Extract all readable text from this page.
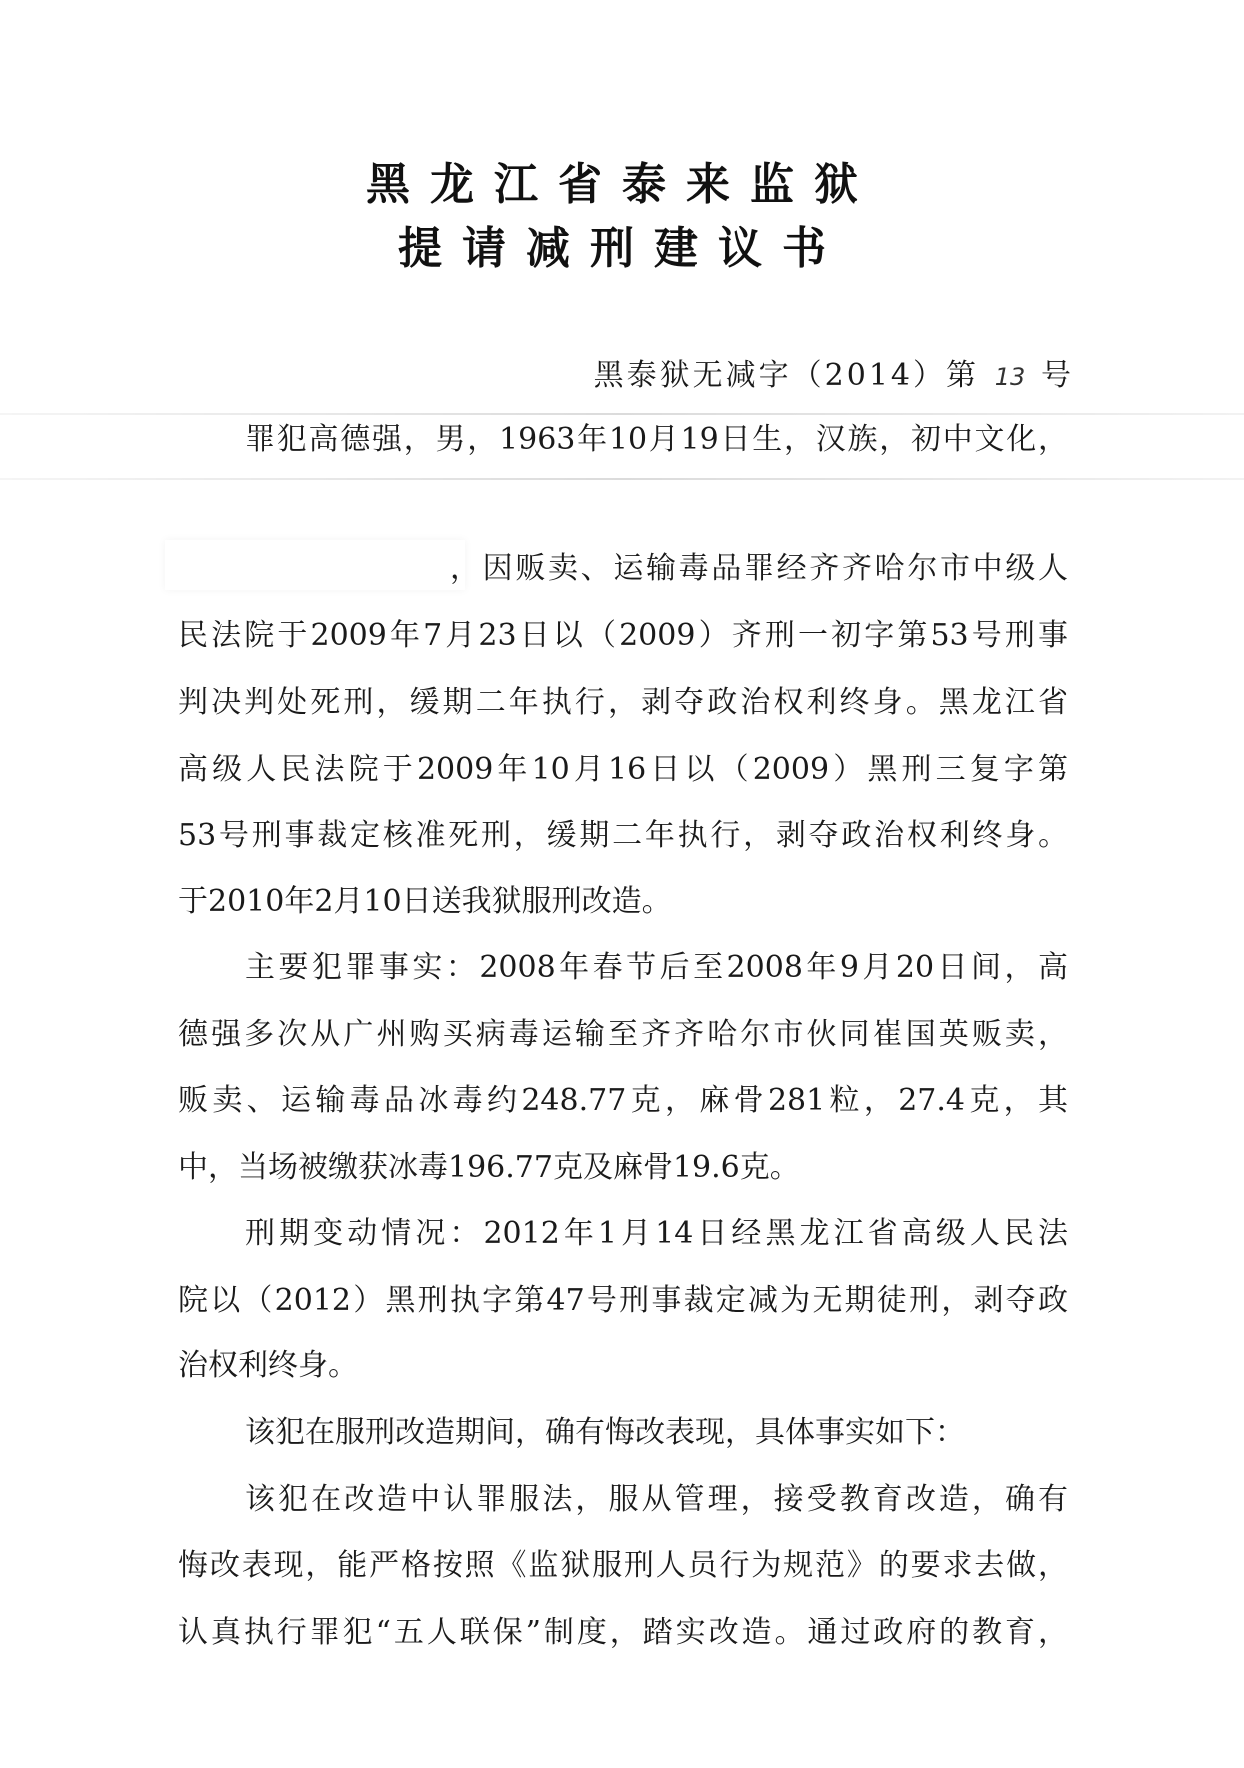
黑龙江省泰来监狱
提请减刑建议书
黑泰狱无减字（2014）第 13 号
罪犯高德强，男，1963年10月19日生，汉族，初中文化，
，因贩卖、运输毒品罪经齐齐哈尔市中级人
民法院于2009年7月23日以（2009）齐刑一初字第53号刑事
判决判处死刑，缓期二年执行，剥夺政治权利终身。黑龙江省
高级人民法院于2009年10月16日以（2009）黑刑三复字第
53号刑事裁定核准死刑，缓期二年执行，剥夺政治权利终身。
于2010年2月10日送我狱服刑改造。
主要犯罪事实：2008年春节后至2008年9月20日间，高
德强多次从广州购买病毒运输至齐齐哈尔市伙同崔国英贩卖，
贩卖、运输毒品冰毒约248.77克，麻骨281粒，27.4克，其
中，当场被缴获冰毒196.77克及麻骨19.6克。
刑期变动情况：2012年1月14日经黑龙江省高级人民法
院以（2012）黑刑执字第47号刑事裁定减为无期徒刑，剥夺政
治权利终身。
该犯在服刑改造期间，确有悔改表现，具体事实如下：
该犯在改造中认罪服法，服从管理，接受教育改造，确有
悔改表现，能严格按照《监狱服刑人员行为规范》的要求去做，
认真执行罪犯“五人联保”制度，踏实改造。通过政府的教育，
